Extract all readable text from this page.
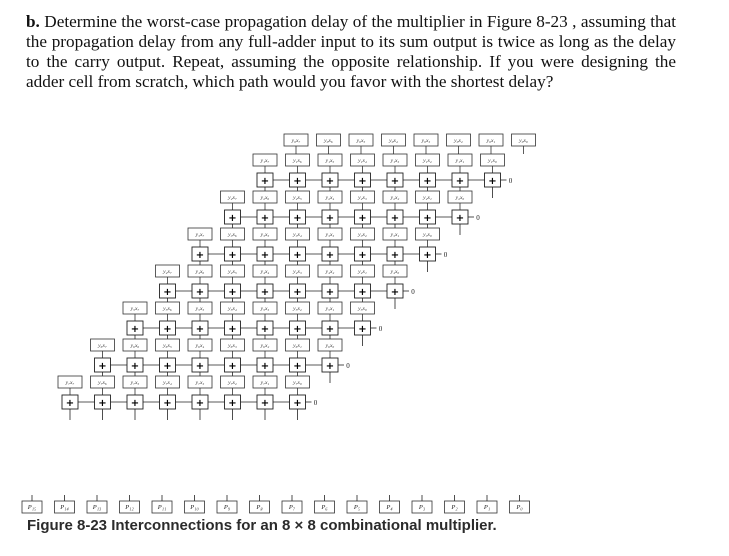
b. Determine the worst-case propagation delay of the multiplier in Figure 8-23 , assuming that the propagation delay from any full-adder input to its sum output is twice as long as the delay to the carry output. Repeat, assuming the opposite relationship. If you were designing the adder cell from scratch, which path would you favor with the shortest delay?

y₀x₇	y₀x₆	y₀x₅	y₀x₄	y₀x₃	y₀x₂	y₀x₁	y₀x₀
y₁x₇	y₁x₆	y₁x₅	y₁x₄	y₁x₃	y₁x₂	y₁x₁	y₁x₀
+ + + + + + + + 0
y₂x₇	y₂x₆	y₂x₅	y₂x₄	y₂x₃	y₂x₂	y₂x₁	y₂x₀
+ + + + + + + + 0
y₃x₇	y₃x₆	y₃x₅	y₃x₄	y₃x₃	y₃x₂	y₃x₁	y₃x₀
+ + + + + + + + 0
y₄x₇	y₄x₆	y₄x₅	y₄x₄	y₄x₃	y₄x₂	y₄x₁	y₄x₀
+ + + + + + + + 0
y₅x₇	y₅x₆	y₅x₅	y₅x₄	y₅x₃	y₅x₂	y₅x₁	y₅x₀
+ + + + + + + + 0
y₆x₇	y₆x₆	y₆x₅	y₆x₄	y₆x₃	y₆x₂	y₆x₁	y₆x₀
+ + + + + + + + 0
y₇x₇	y₇x₆	y₇x₅	y₇x₄	y₇x₃	y₇x₂	y₇x₁	y₇x₀
+ + + + + + + + 0
P₁₅	P₁₄	P₁₃	P₁₂	P₁₁	P₁₀	P₉	P₈	P₇	P₆	P₅	P₄	P₃	P₂	P₁	P₀
Figure 8-23 Interconnections for an 8 × 8 combinational multiplier.
